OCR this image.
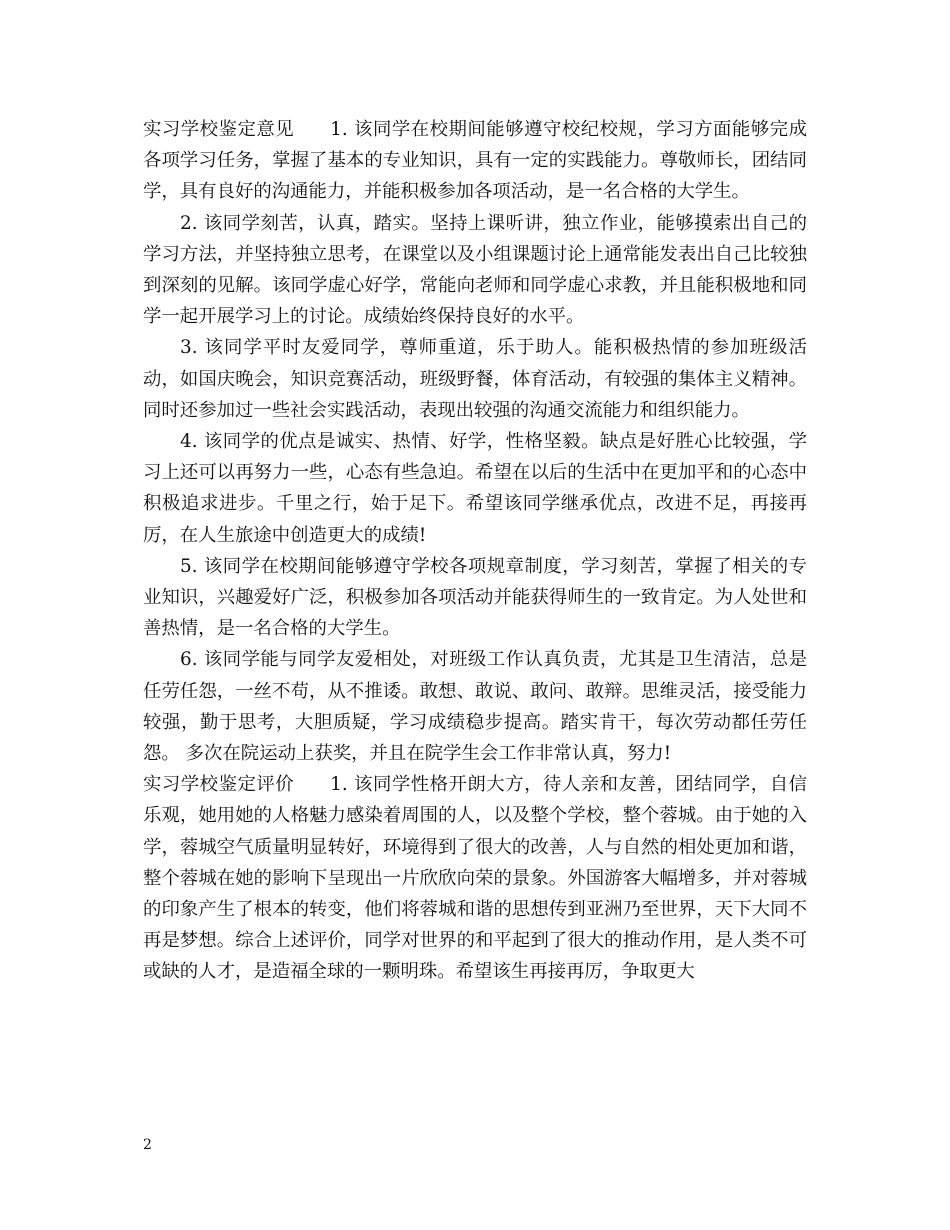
实习学校鉴定意见 1. 该同学在校期间能够遵守校纪校规，学习方面能够完成各项学习任务，掌握了基本的专业知识，具有一定的实践能力。尊敬师长，团结同学，具有良好的沟通能力，并能积极参加各项活动，是一名合格的大学生。

2. 该同学刻苦，认真，踏实。坚持上课听讲，独立作业，能够摸索出自己的学习方法，并坚持独立思考，在课堂以及小组课题讨论上通常能发表出自己比较独到深刻的见解。该同学虚心好学，常能向老师和同学虚心求教，并且能积极地和同学一起开展学习上的讨论。成绩始终保持良好的水平。

3. 该同学平时友爱同学，尊师重道，乐于助人。能积极热情的参加班级活动，如国庆晚会，知识竞赛活动，班级野餐，体育活动，有较强的集体主义精神。同时还参加过一些社会实践活动，表现出较强的沟通交流能力和组织能力。

4. 该同学的优点是诚实、热情、好学，性格坚毅。缺点是好胜心比较强，学习上还可以再努力一些，心态有些急迫。希望在以后的生活中在更加平和的心态中积极追求进步。千里之行，始于足下。希望该同学继承优点，改进不足，再接再厉，在人生旅途中创造更大的成绩!

5. 该同学在校期间能够遵守学校各项规章制度，学习刻苦，掌握了相关的专业知识，兴趣爱好广泛，积极参加各项活动并能获得师生的一致肯定。为人处世和善热情，是一名合格的大学生。

6. 该同学能与同学友爱相处，对班级工作认真负责，尤其是卫生清洁，总是任劳任怨，一丝不苟，从不推诿。敢想、敢说、敢问、敢辩。思维灵活，接受能力较强，勤于思考，大胆质疑，学习成绩稳步提高。踏实肯干，每次劳动都任劳任怨。 多次在院运动上获奖，并且在院学生会工作非常认真，努力!

实习学校鉴定评价 1. 该同学性格开朗大方，待人亲和友善，团结同学，自信乐观，她用她的人格魅力感染着周围的人，以及整个学校，整个蓉城。由于她的入学，蓉城空气质量明显转好，环境得到了很大的改善，人与自然的相处更加和谐，整个蓉城在她的影响下呈现出一片欣欣向荣的景象。外国游客大幅增多，并对蓉城的印象产生了根本的转变，他们将蓉城和谐的思想传到亚洲乃至世界，天下大同不再是梦想。综合上述评价，同学对世界的和平起到了很大的推动作用，是人类不可或缺的人才，是造福全球的一颗明珠。希望该生再接再厉，争取更大

2
